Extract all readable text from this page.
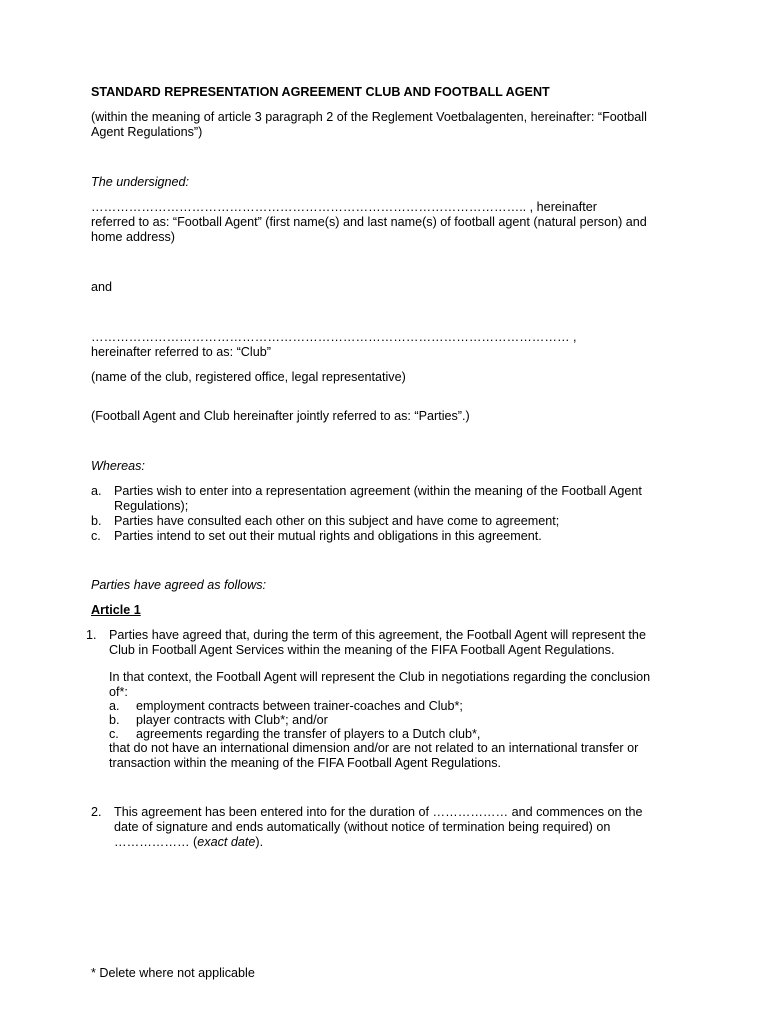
STANDARD REPRESENTATION AGREEMENT CLUB AND FOOTBALL AGENT

(within the meaning of article 3 paragraph 2 of the Reglement Voetbalagenten, hereinafter: “Football Agent Regulations”)

The undersigned:

………………………………………………………………………………………….. , hereinafter

referred to as: “Football Agent” (first name(s) and last name(s) of football agent (natural person) and

home address)

and

…………………………………………………………………………………………………… ,

hereinafter referred to as: “Club”

(name of the club, registered office, legal representative)

(Football Agent and Club hereinafter jointly referred to as: “Parties”.)

Whereas:

a. Parties wish to enter into a representation agreement (within the meaning of the Football Agent

Regulations);

b. Parties have consulted each other on this subject and have come to agreement;

c. Parties intend to set out their mutual rights and obligations in this agreement.

Parties have agreed as follows:

Article 1

1. Parties have agreed that, during the term of this agreement, the Football Agent will represent the

Club in Football Agent Services within the meaning of the FIFA Football Agent Regulations.

In that context, the Football Agent will represent the Club in negotiations regarding the conclusion

of*:

a. employment contracts between trainer-coaches and Club*;

b. player contracts with Club*; and/or

c. agreements regarding the transfer of players to a Dutch club*,

that do not have an international dimension and/or are not related to an international transfer or

transaction within the meaning of the FIFA Football Agent Regulations.

2. This agreement has been entered into for the duration of ……………… and commences on the

date of signature and ends automatically (without notice of termination being required) on

……………… (exact date).

* Delete where not applicable
